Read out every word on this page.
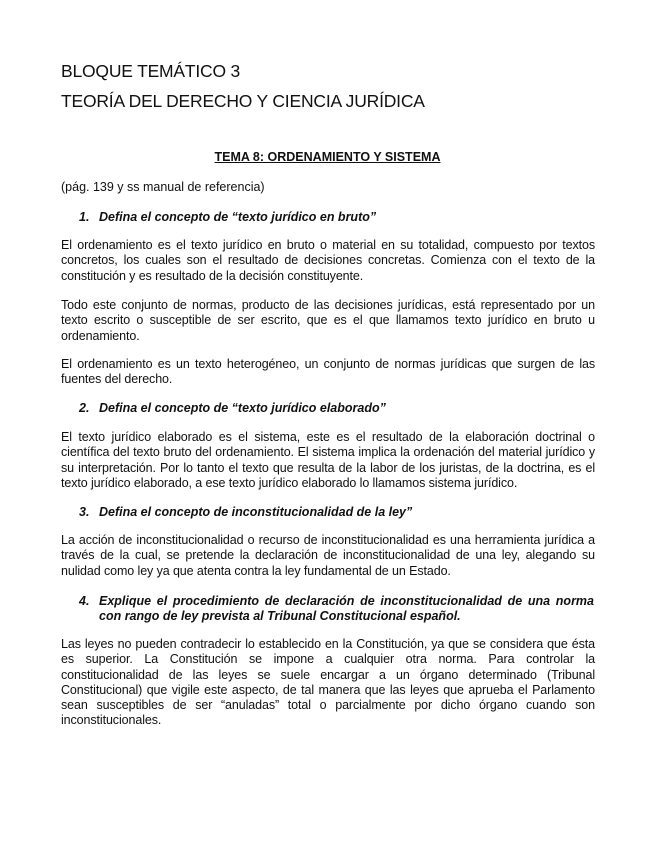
BLOQUE TEMÁTICO 3
TEORÍA DEL DERECHO Y CIENCIA JURÍDICA
TEMA 8: ORDENAMIENTO Y SISTEMA
(pág. 139 y ss manual de referencia)
1. Defina el concepto de “texto jurídico en bruto”
El ordenamiento es el texto jurídico en bruto o material en su totalidad, compuesto por textos concretos, los cuales son el resultado de decisiones concretas. Comienza con el texto de la constitución y es resultado de la decisión constituyente.
Todo este conjunto de normas, producto de las decisiones jurídicas, está representado por un texto escrito o susceptible de ser escrito, que es el que llamamos texto jurídico en bruto u ordenamiento.
El ordenamiento es un texto heterogéneo, un conjunto de normas jurídicas que surgen de las fuentes del derecho.
2. Defina el concepto de “texto jurídico elaborado”
El texto jurídico elaborado es el sistema, este es el resultado de la elaboración doctrinal o científica del texto bruto del ordenamiento. El sistema implica la ordenación del material jurídico y su interpretación. Por lo tanto el texto que resulta de la labor de los juristas, de la doctrina, es el texto jurídico elaborado, a ese texto jurídico elaborado lo llamamos sistema jurídico.
3. Defina el concepto de inconstitucionalidad de la ley”
La acción de inconstitucionalidad o recurso de inconstitucionalidad es una herramienta jurídica a través de la cual, se pretende la declaración de inconstitucionalidad de una ley, alegando su nulidad como ley ya que atenta contra la ley fundamental de un Estado.
4. Explique el procedimiento de declaración de inconstitucionalidad de una norma con rango de ley prevista al Tribunal Constitucional español.
Las leyes no pueden contradecir lo establecido en la Constitución, ya que se considera que ésta es superior. La Constitución se impone a cualquier otra norma. Para controlar la constitucionalidad de las leyes se suele encargar a un órgano determinado (Tribunal Constitucional) que vigile este aspecto, de tal manera que las leyes que aprueba el Parlamento sean susceptibles de ser “anuladas” total o parcialmente por dicho órgano cuando son inconstitucionales.
